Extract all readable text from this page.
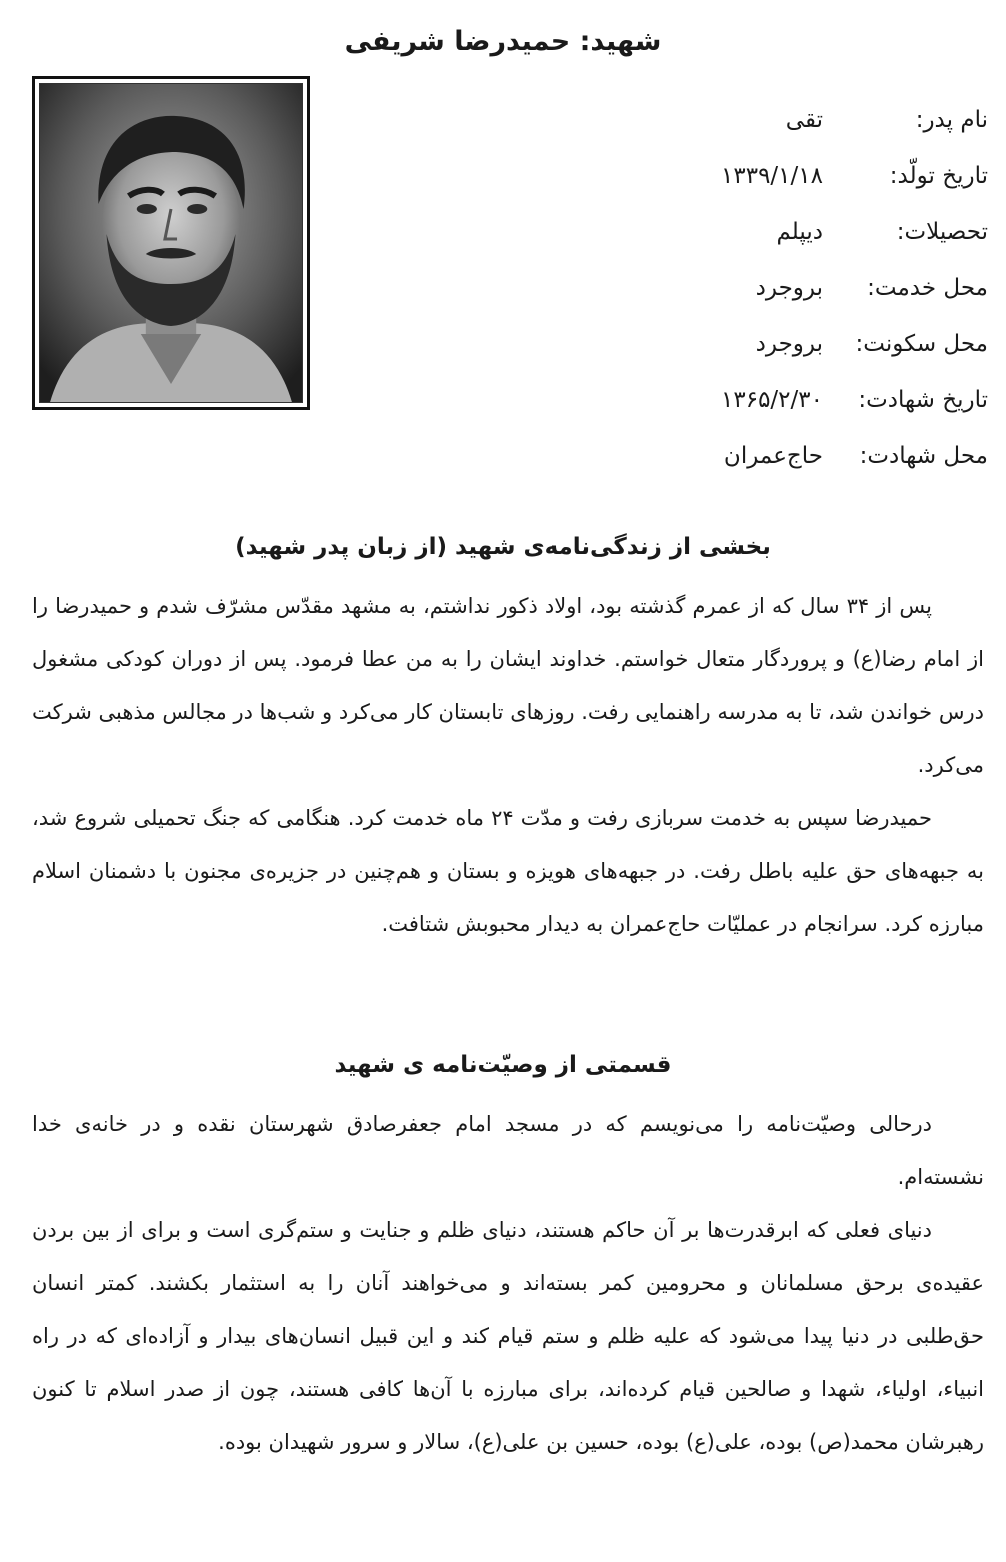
شهید: حمیدرضا شریفی
نام پدر:
تقی
تاریخ تولّد:
۱۳۳۹/۱/۱۸
تحصیلات:
دیپلم
محل خدمت:
بروجرد
محل سکونت:
بروجرد
تاریخ شهادت:
۱۳۶۵/۲/۳۰
محل شهادت:
حاج‌عمران
بخشی از زندگی‌نامه‌ی شهید (از زبان پدر شهید)

پس از ۳۴ سال که از عمرم گذشته بود، اولاد ذکور نداشتم، به مشهد مقدّس مشرّف شدم و حمیدرضا را از امام رضا(ع) و پروردگار متعال خواستم. خداوند ایشان را به من عطا فرمود. پس از دوران کودکی مشغول درس خواندن شد، تا به مدرسه راهنمایی رفت. روزهای تابستان کار می‌کرد و شب‌ها در مجالس مذهبی شرکت می‌کرد.

حمیدرضا سپس به خدمت سربازی رفت و مدّت ۲۴ ماه خدمت کرد. هنگامی که جنگ تحمیلی شروع شد، به جبهه‌های حق علیه باطل رفت. در جبهه‌های هویزه و بستان و هم‌چنین در جزیره‌ی مجنون با دشمنان اسلام مبارزه کرد. سرانجام در عملیّات حاج‌عمران به دیدار محبوبش شتافت.

قسمتی از وصیّت‌نامه ی شهید

درحالی وصیّت‌نامه را می‌نویسم که در مسجد امام جعفرصادق شهرستان نقده و در خانه‌ی خدا نشسته‌ام.

دنیای فعلی که ابرقدرت‌ها بر آن حاکم هستند، دنیای ظلم و جنایت و ستم‌گری است و برای از بین بردن عقیده‌ی برحق مسلمانان و محرومین کمر بسته‌اند و می‌خواهند آنان را به استثمار بکشند. کمتر انسان حق‌طلبی در دنیا پیدا می‌شود که علیه ظلم و ستم قیام کند و این قبیل انسان‌های بیدار و آزاده‌ای که در راه انبیاء، اولیاء، شهدا و صالحین قیام کرده‌اند، برای مبارزه با آن‌ها کافی هستند، چون از صدر اسلام تا کنون رهبرشان محمد(ص) بوده، علی(ع) بوده، حسین بن علی(ع)، سالار و سرور شهیدان بوده.
